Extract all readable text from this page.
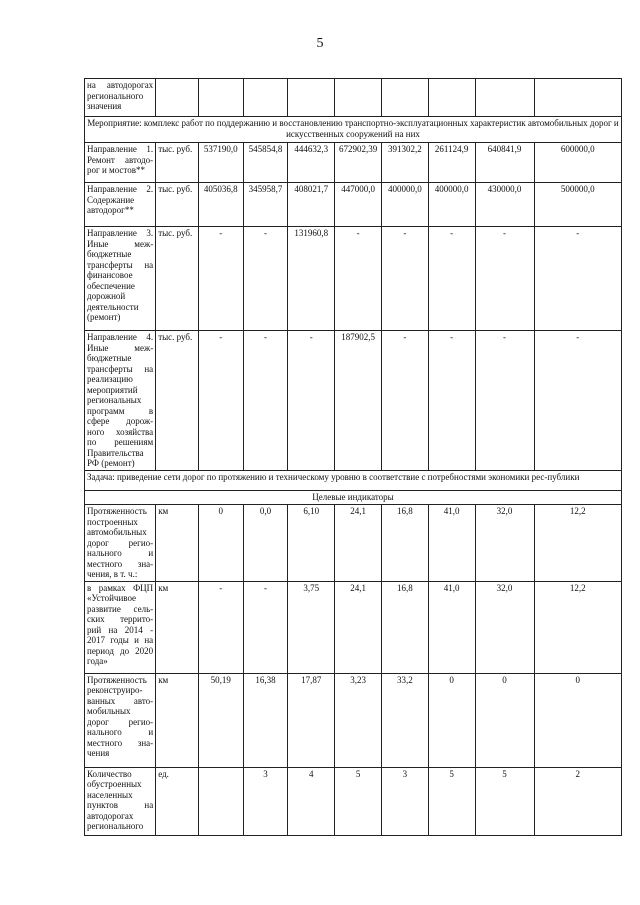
5
на автодорогах регионального значения									
Мероприятие: комплекс работ по поддержанию и восстановлению транспортно-эксплуатационных характеристик автомобильных дорог и искусственных сооружений на них									
Направление 1. Ремонт автодо-рог и мостов**	тыс. руб.	537190,0	545854,8	444632,3	672902,39	391302,2	261124,9	640841,9	600000,0
Направление 2. Содержание автодорог**	тыс. руб.	405036,8	345958,7	408021,7	447000,0	400000,0	400000,0	430000,0	500000,0
Направление 3. Иные меж-бюджетные трансферты на финансовое обеспечение дорожной деятельности (ремонт)	тыс. руб.	-	-	131960,8	-	-	-	-	-
Направление 4. Иные меж-бюджетные трансферты на реализацию мероприятий региональных программ в сфере дорож-ного хозяйства по решениям Правительства РФ (ремонт)	тыс. руб.	-	-	-	187902,5	-	-	-	-
Задача: приведение сети дорог по протяжению и техническому уровню в соответствие с потребностями экономики рес-публики									
Целевые индикаторы									
Протяженность построенных автомобильных дорог регио-нального и местного зна-чения, в т. ч.:	км	0	0,0	6,10	24,1	16,8	41,0	32,0	12,2
в рамках ФЦП «Устойчивое развитие сель-ских террито-рий на 2014 - 2017 годы и на период до 2020 года»	км	-	-	3,75	24,1	16,8	41,0	32,0	12,2
Протяженность реконструиро-ванных авто-мобильных дорог регио-нального и местного зна-чения	км	50,19	16,38	17,87	3,23	33,2	0	0	0
Количество обустроенных населенных пунктов на автодорогах регионального	ед.		3	4	5	3	5	5	2
